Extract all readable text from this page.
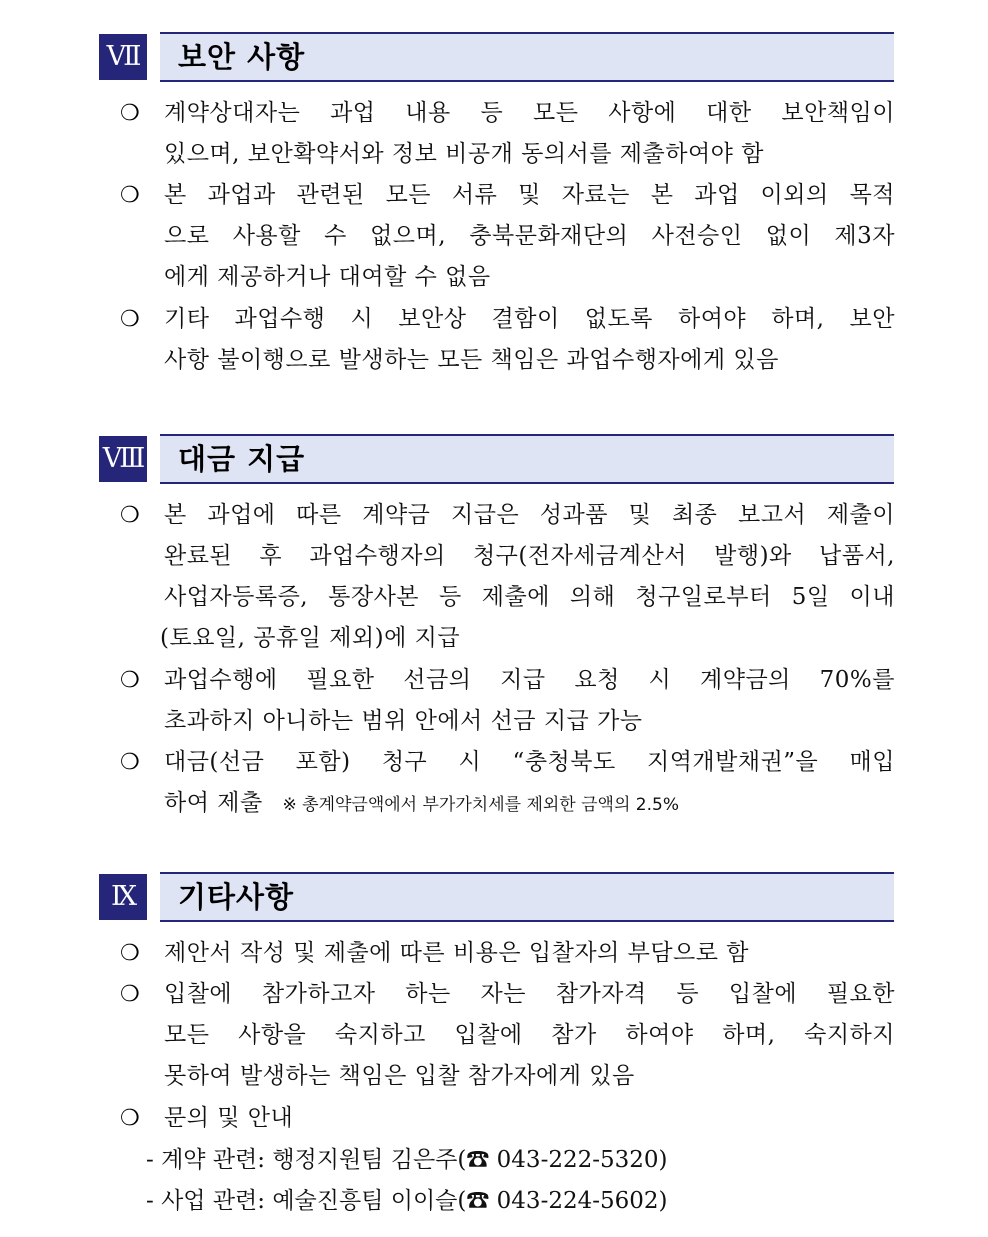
Ⅶ 보안 사항
❍ 계약상대자는 과업 내용 등 모든 사항에 대한 보안책임이
있으며, 보안확약서와 정보 비공개 동의서를 제출하여야 함
❍ 본 과업과 관련된 모든 서류 및 자료는 본 과업 이외의 목적
으로 사용할 수 없으며, 충북문화재단의 사전승인 없이 제3자
에게 제공하거나 대여할 수 없음
❍ 기타 과업수행 시 보안상 결함이 없도록 하여야 하며, 보안
사항 불이행으로 발생하는 모든 책임은 과업수행자에게 있음
Ⅷ 대금 지급
❍ 본 과업에 따른 계약금 지급은 성과품 및 최종 보고서 제출이
완료된 후 과업수행자의 청구(전자세금계산서 발행)와 납품서,
사업자등록증, 통장사본 등 제출에 의해 청구일로부터 5일 이내
(토요일, 공휴일 제외)에 지급
❍ 과업수행에 필요한 선금의 지급 요청 시 계약금의 70%를
초과하지 아니하는 범위 안에서 선금 지급 가능
❍ 대금(선금 포함) 청구 시 “충청북도 지역개발채권”을 매입
하여 제출 ※ 총계약금액에서 부가가치세를 제외한 금액의 2.5%
Ⅸ	기타사항
❍ 제안서 작성 및 제출에 따른 비용은 입찰자의 부담으로 함
❍ 입찰에 참가하고자 하는 자는 참가자격 등 입찰에 필요한
모든 사항을 숙지하고 입찰에 참가 하여야 하며, 숙지하지
못하여 발생하는 책임은 입찰 참가자에게 있음
❍ 문의 및 안내
- 계약 관련: 행정지원팀 김은주(☎ 043-222-5320)
- 사업 관련: 예술진흥팀 이이슬(☎ 043-224-5602)
